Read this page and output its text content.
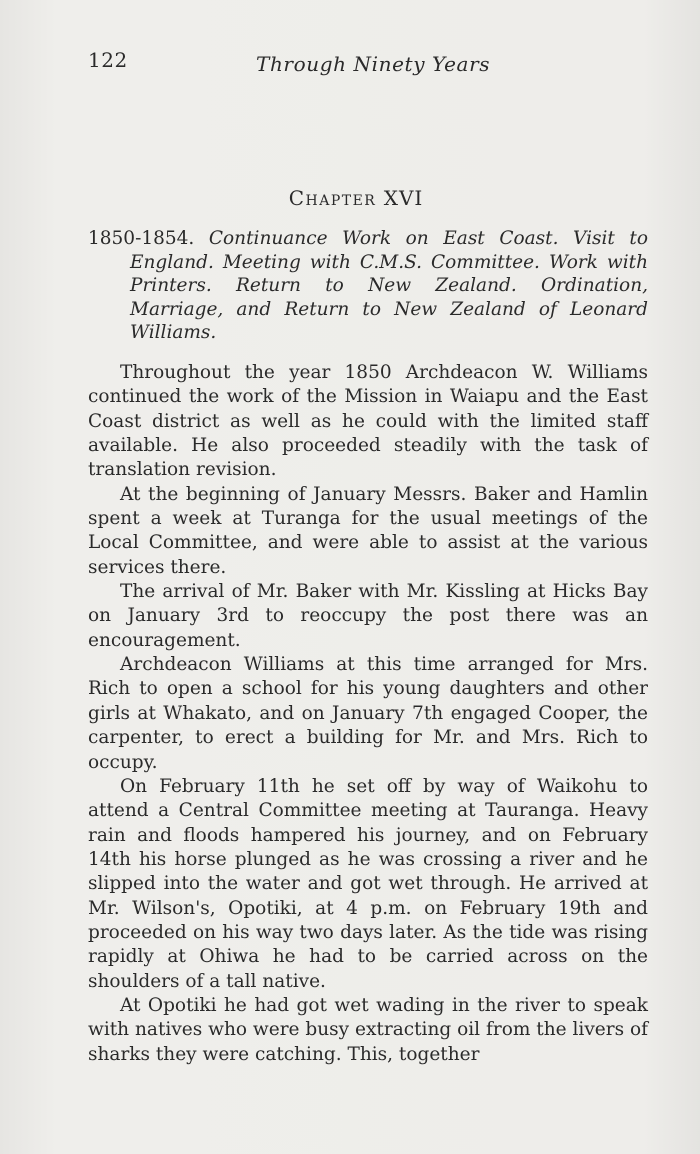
122	Through Ninety Years
Chapter XVI

1850-1854. Continuance Work on East Coast. Visit to England. Meeting with C.M.S. Committee. Work with Printers. Return to New Zealand. Ordination, Marriage, and Return to New Zealand of Leonard Williams.

Throughout the year 1850 Archdeacon W. Williams continued the work of the Mission in Waiapu and the East Coast district as well as he could with the limited staff available. He also proceeded steadily with the task of translation revision.

At the beginning of January Messrs. Baker and Hamlin spent a week at Turanga for the usual meetings of the Local Committee, and were able to assist at the various services there.

The arrival of Mr. Baker with Mr. Kissling at Hicks Bay on January 3rd to reoccupy the post there was an encouragement.

Archdeacon Williams at this time arranged for Mrs. Rich to open a school for his young daughters and other girls at Whakato, and on January 7th engaged Cooper, the carpenter, to erect a building for Mr. and Mrs. Rich to occupy.

On February 11th he set off by way of Waikohu to attend a Central Committee meeting at Tauranga. Heavy rain and floods hampered his journey, and on February 14th his horse plunged as he was crossing a river and he slipped into the water and got wet through. He arrived at Mr. Wilson's, Opotiki, at 4 p.m. on February 19th and proceeded on his way two days later. As the tide was rising rapidly at Ohiwa he had to be carried across on the shoulders of a tall native.

At Opotiki he had got wet wading in the river to speak with natives who were busy extracting oil from the livers of sharks they were catching. This, together
